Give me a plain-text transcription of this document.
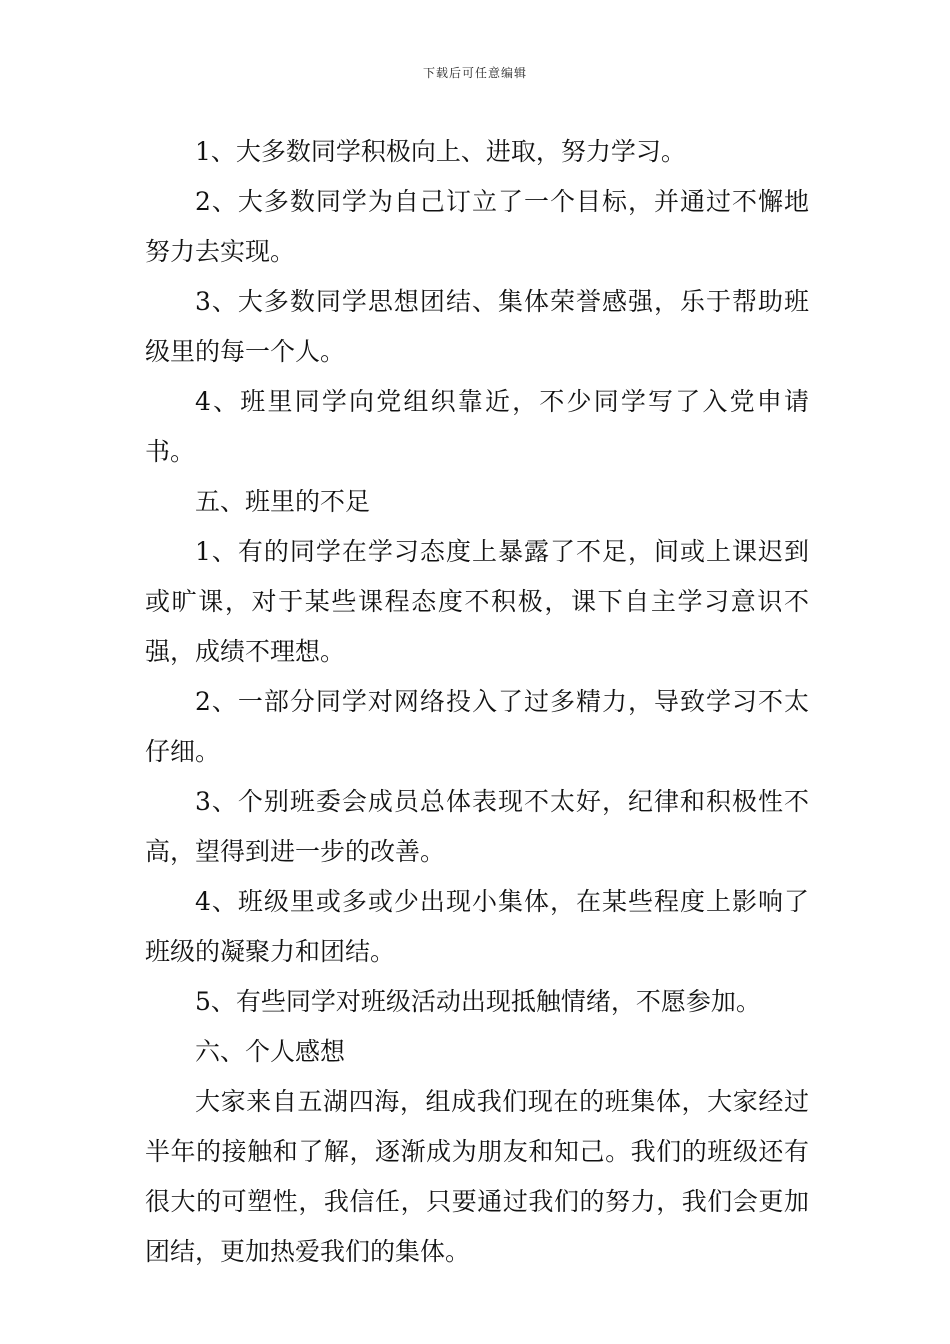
下载后可任意编辑

1、大多数同学积极向上、进取，努力学习。

2、大多数同学为自己订立了一个目标，并通过不懈地努力去实现。

3、大多数同学思想团结、集体荣誉感强，乐于帮助班级里的每一个人。

4、班里同学向党组织靠近，不少同学写了入党申请书。

五、班里的不足

1、有的同学在学习态度上暴露了不足，间或上课迟到或旷课，对于某些课程态度不积极，课下自主学习意识不强，成绩不理想。

2、一部分同学对网络投入了过多精力，导致学习不太仔细。

3、个别班委会成员总体表现不太好，纪律和积极性不高，望得到进一步的改善。

4、班级里或多或少出现小集体，在某些程度上影响了班级的凝聚力和团结。

5、有些同学对班级活动出现抵触情绪，不愿参加。

六、个人感想

大家来自五湖四海，组成我们现在的班集体，大家经过半年的接触和了解，逐渐成为朋友和知己。我们的班级还有很大的可塑性，我信任，只要通过我们的努力，我们会更加团结，更加热爱我们的集体。
